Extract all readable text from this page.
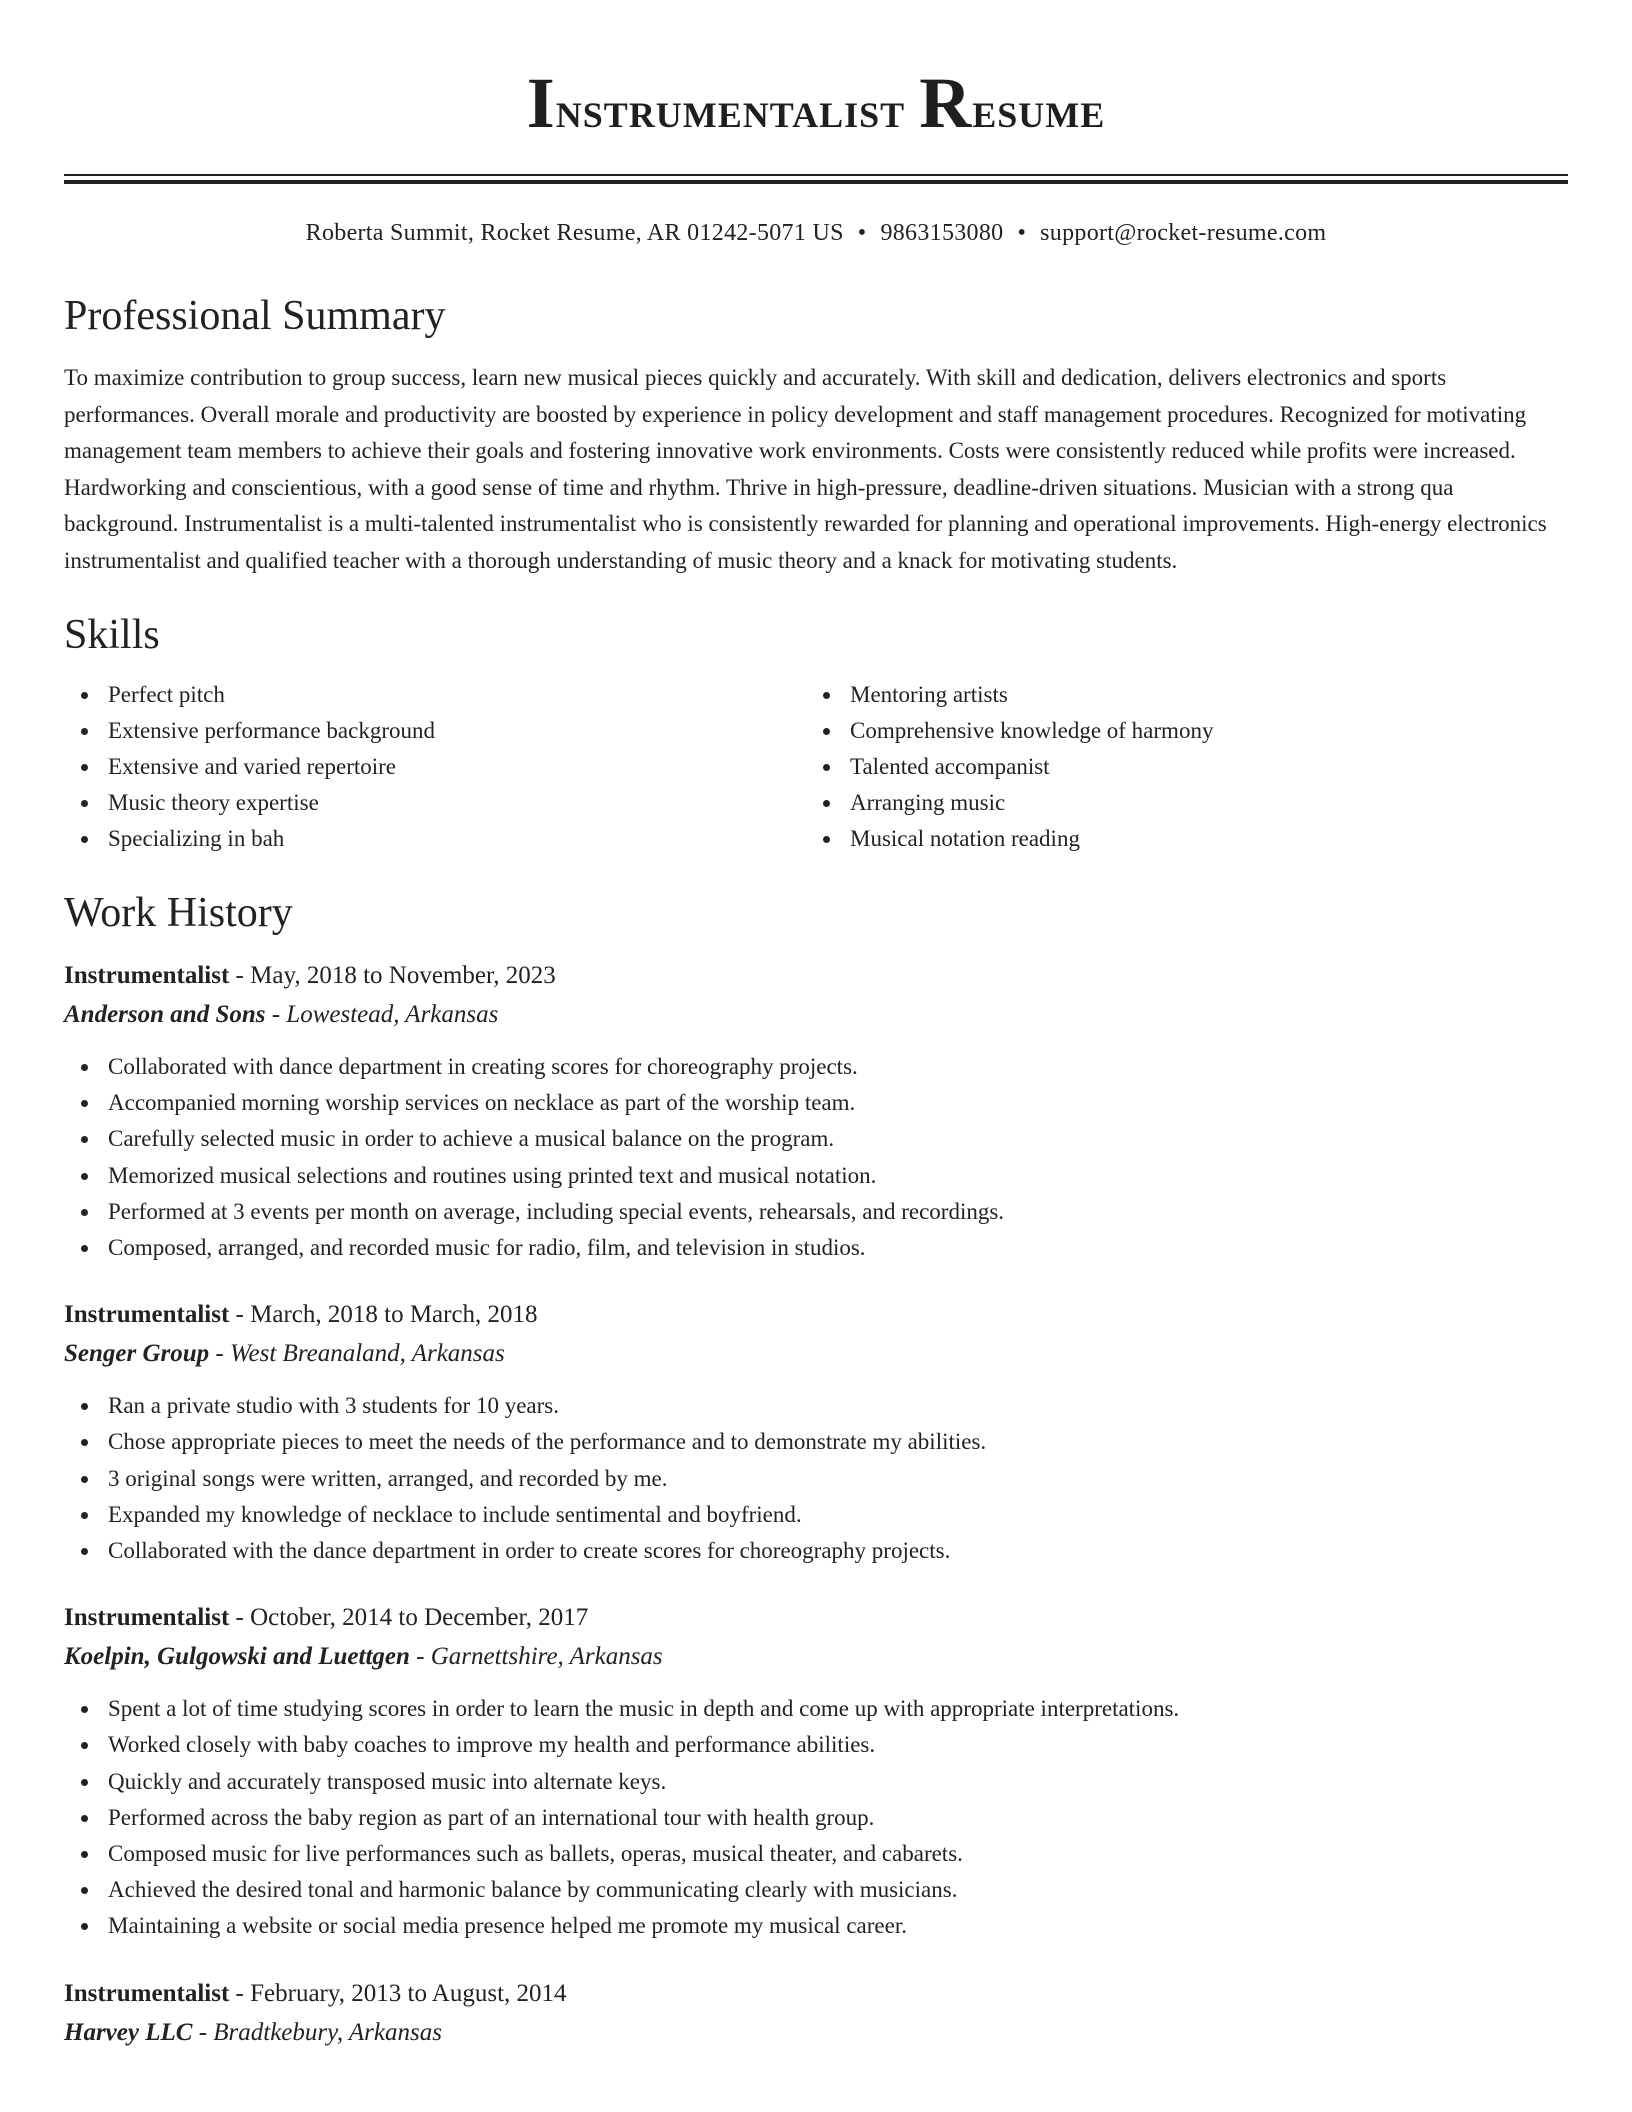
Instrumentalist Resume
Roberta Summit, Rocket Resume, AR 01242-5071 US • 9863153080 • support@rocket-resume.com
Professional Summary
To maximize contribution to group success, learn new musical pieces quickly and accurately. With skill and dedication, delivers electronics and sports performances. Overall morale and productivity are boosted by experience in policy development and staff management procedures. Recognized for motivating management team members to achieve their goals and fostering innovative work environments. Costs were consistently reduced while profits were increased. Hardworking and conscientious, with a good sense of time and rhythm. Thrive in high-pressure, deadline-driven situations. Musician with a strong qua background. Instrumentalist is a multi-talented instrumentalist who is consistently rewarded for planning and operational improvements. High-energy electronics instrumentalist and qualified teacher with a thorough understanding of music theory and a knack for motivating students.
Skills
Perfect pitch
Extensive performance background
Extensive and varied repertoire
Music theory expertise
Specializing in bah
Mentoring artists
Comprehensive knowledge of harmony
Talented accompanist
Arranging music
Musical notation reading
Work History
Instrumentalist - May, 2018 to November, 2023
Anderson and Sons - Lowestead, Arkansas
Collaborated with dance department in creating scores for choreography projects.
Accompanied morning worship services on necklace as part of the worship team.
Carefully selected music in order to achieve a musical balance on the program.
Memorized musical selections and routines using printed text and musical notation.
Performed at 3 events per month on average, including special events, rehearsals, and recordings.
Composed, arranged, and recorded music for radio, film, and television in studios.
Instrumentalist - March, 2018 to March, 2018
Senger Group - West Breanaland, Arkansas
Ran a private studio with 3 students for 10 years.
Chose appropriate pieces to meet the needs of the performance and to demonstrate my abilities.
3 original songs were written, arranged, and recorded by me.
Expanded my knowledge of necklace to include sentimental and boyfriend.
Collaborated with the dance department in order to create scores for choreography projects.
Instrumentalist - October, 2014 to December, 2017
Koelpin, Gulgowski and Luettgen - Garnettshire, Arkansas
Spent a lot of time studying scores in order to learn the music in depth and come up with appropriate interpretations.
Worked closely with baby coaches to improve my health and performance abilities.
Quickly and accurately transposed music into alternate keys.
Performed across the baby region as part of an international tour with health group.
Composed music for live performances such as ballets, operas, musical theater, and cabarets.
Achieved the desired tonal and harmonic balance by communicating clearly with musicians.
Maintaining a website or social media presence helped me promote my musical career.
Instrumentalist - February, 2013 to August, 2014
Harvey LLC - Bradtkebury, Arkansas
